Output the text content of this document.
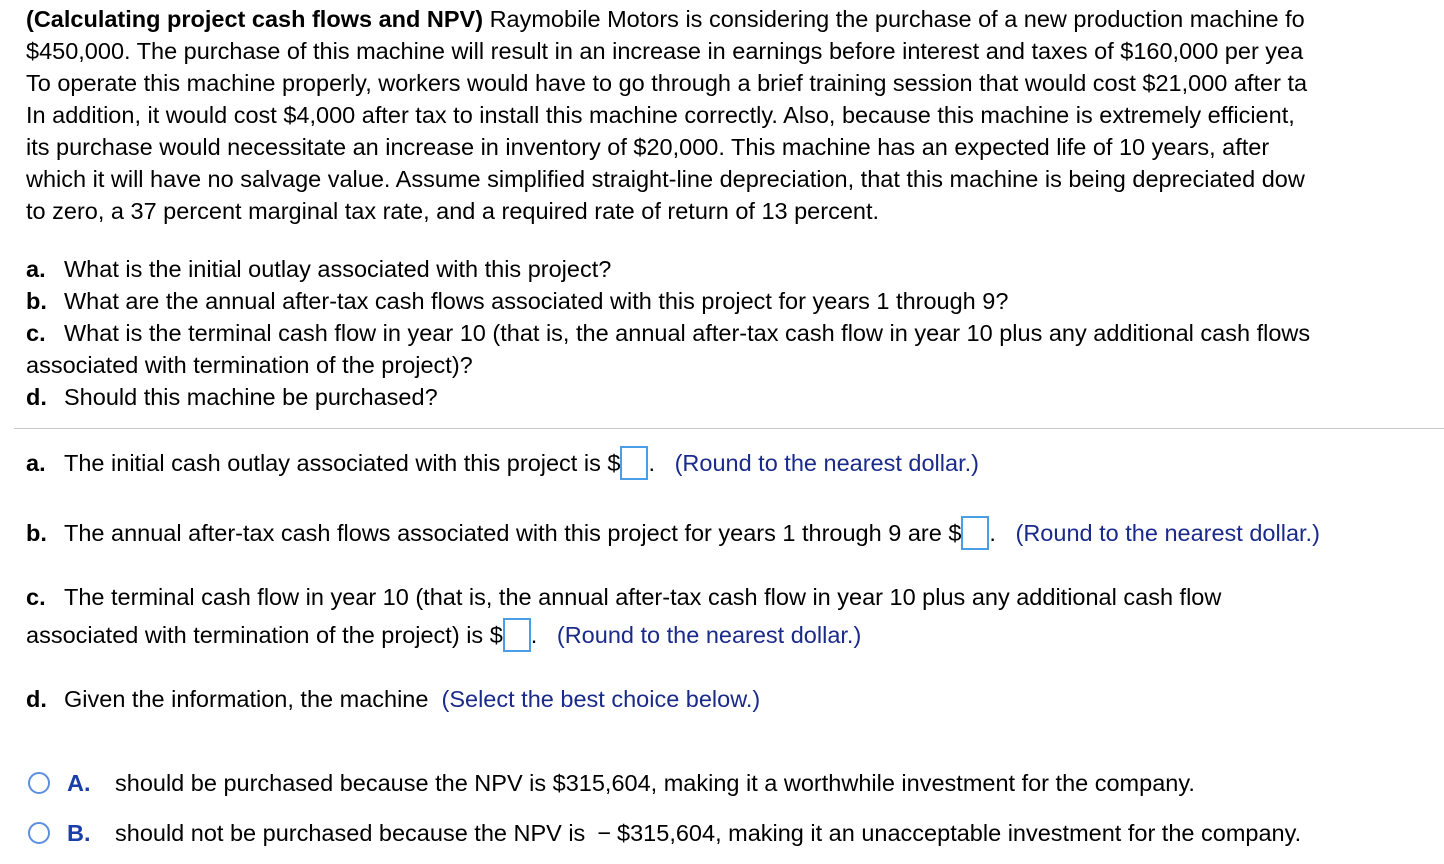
(Calculating project cash flows and NPV) Raymobile Motors is considering the purchase of a new production machine fo
$450,000. The purchase of this machine will result in an increase in earnings before interest and taxes of $160,000 per yea
To operate this machine properly, workers would have to go through a brief training session that would cost $21,000 after ta
In addition, it would cost $4,000 after tax to install this machine correctly. Also, because this machine is extremely efficient,
its purchase would necessitate an increase in inventory of $20,000. This machine has an expected life of 10 years, after
which it will have no salvage value. Assume simplified straight-line depreciation, that this machine is being depreciated dow
to zero, a 37 percent marginal tax rate, and a required rate of return of 13 percent.
a. What is the initial outlay associated with this project?
b. What are the annual after-tax cash flows associated with this project for years 1 through 9?
c. What is the terminal cash flow in year 10 (that is, the annual after-tax cash flow in year 10 plus any additional cash flows
associated with termination of the project)?
d. Should this machine be purchased?
a. The initial cash outlay associated with this project is $ . (Round to the nearest dollar.)
b. The annual after-tax cash flows associated with this project for years 1 through 9 are $ . (Round to the nearest dollar.)
c. The terminal cash flow in year 10 (that is, the annual after-tax cash flow in year 10 plus any additional cash flow
associated with termination of the project) is $ . (Round to the nearest dollar.)
d. Given the information, the machine (Select the best choice below.)
A.	should be purchased because the NPV is $315,604, making it a worthwhile investment for the company.
B.	should not be purchased because the NPV is − $315,604, making it an unacceptable investment for the company.
